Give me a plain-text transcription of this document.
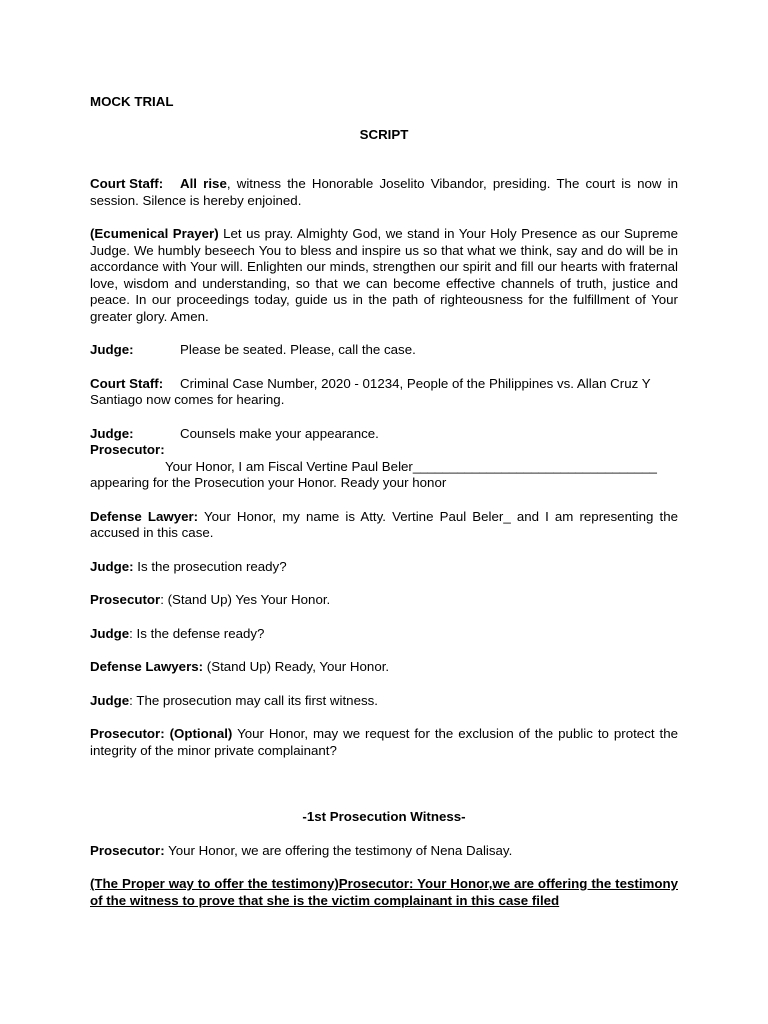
MOCK TRIAL

SCRIPT

Court Staff: All rise, witness the Honorable Joselito Vibandor, presiding. The court is now in session. Silence is hereby enjoined.

(Ecumenical Prayer) Let us pray. Almighty God, we stand in Your Holy Presence as our Supreme Judge. We humbly beseech You to bless and inspire us so that what we think, say and do will be in accordance with Your will. Enlighten our minds, strengthen our spirit and fill our hearts with fraternal love, wisdom and understanding, so that we can become effective channels of truth, justice and peace. In our proceedings today, guide us in the path of righteousness for the fulfillment of Your greater glory. Amen.

Judge:	Please be seated. Please, call the case.

Court Staff: Criminal Case Number, 2020 - 01234, People of the Philippines vs. Allan Cruz Y Santiago now comes for hearing.

Judge:	Counsels make your appearance.

Prosecutor:
Your Honor, I am Fiscal Vertine Paul Beler_________________________________
appearing for the Prosecution your Honor. Ready your honor

Defense Lawyer: Your Honor, my name is Atty. Vertine Paul Beler_ and I am representing the accused in this case.

Judge: Is the prosecution ready?

Prosecutor: (Stand Up) Yes Your Honor.

Judge: Is the defense ready?

Defense Lawyers: (Stand Up) Ready, Your Honor.

Judge: The prosecution may call its first witness.

Prosecutor: (Optional) Your Honor, may we request for the exclusion of the public to protect the integrity of the minor private complainant?

-1st Prosecution Witness-

Prosecutor: Your Honor, we are offering the testimony of Nena Dalisay.

(The Proper way to offer the testimony)Prosecutor: Your Honor,we are offering the testimony of the witness to prove that she is the victim complainant in this case filed
